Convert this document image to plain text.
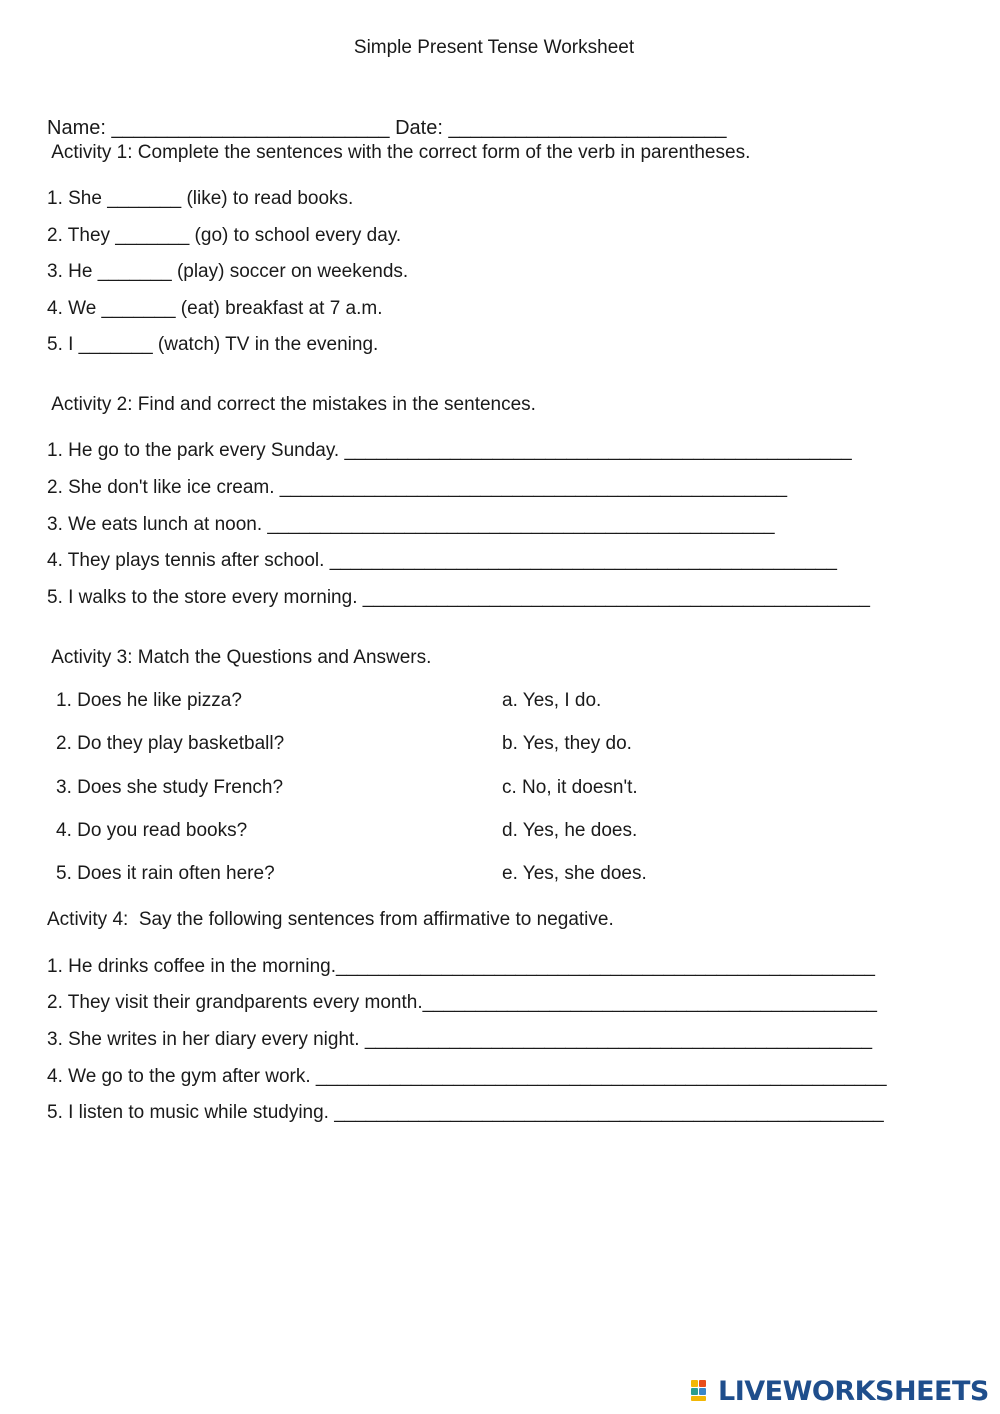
Simple Present Tense Worksheet
Name: _________________________ Date: _________________________
Activity 1: Complete the sentences with the correct form of the verb in parentheses.
1. She _______ (like) to read books.
2. They _______ (go) to school every day.
3. He _______ (play) soccer on weekends.
4. We _______ (eat) breakfast at 7 a.m.
5. I _______ (watch) TV in the evening.
Activity 2: Find and correct the mistakes in the sentences.
1. He go to the park every Sunday. ________________________________________________
2. She don't like ice cream. ________________________________________________
3. We eats lunch at noon. ________________________________________________
4. They plays tennis after school. ________________________________________________
5. I walks to the store every morning. ________________________________________________
Activity 3: Match the Questions and Answers.
1. Does he like pizza?
2. Do they play basketball?
3. Does she study French?
4. Do you read books?
5. Does it rain often here?
a. Yes, I do.
b. Yes, they do.
c. No, it doesn't.
d. Yes, he does.
e. Yes, she does.
Activity 4:  Say the following sentences from affirmative to negative.
1. He drinks coffee in the morning.___________________________________________________
2. They visit their grandparents every month.___________________________________________
3. She writes in her diary every night. ________________________________________________
4. We go to the gym after work. ______________________________________________________
5. I listen to music while studying. ____________________________________________________
LIVEWORKSHEETS
